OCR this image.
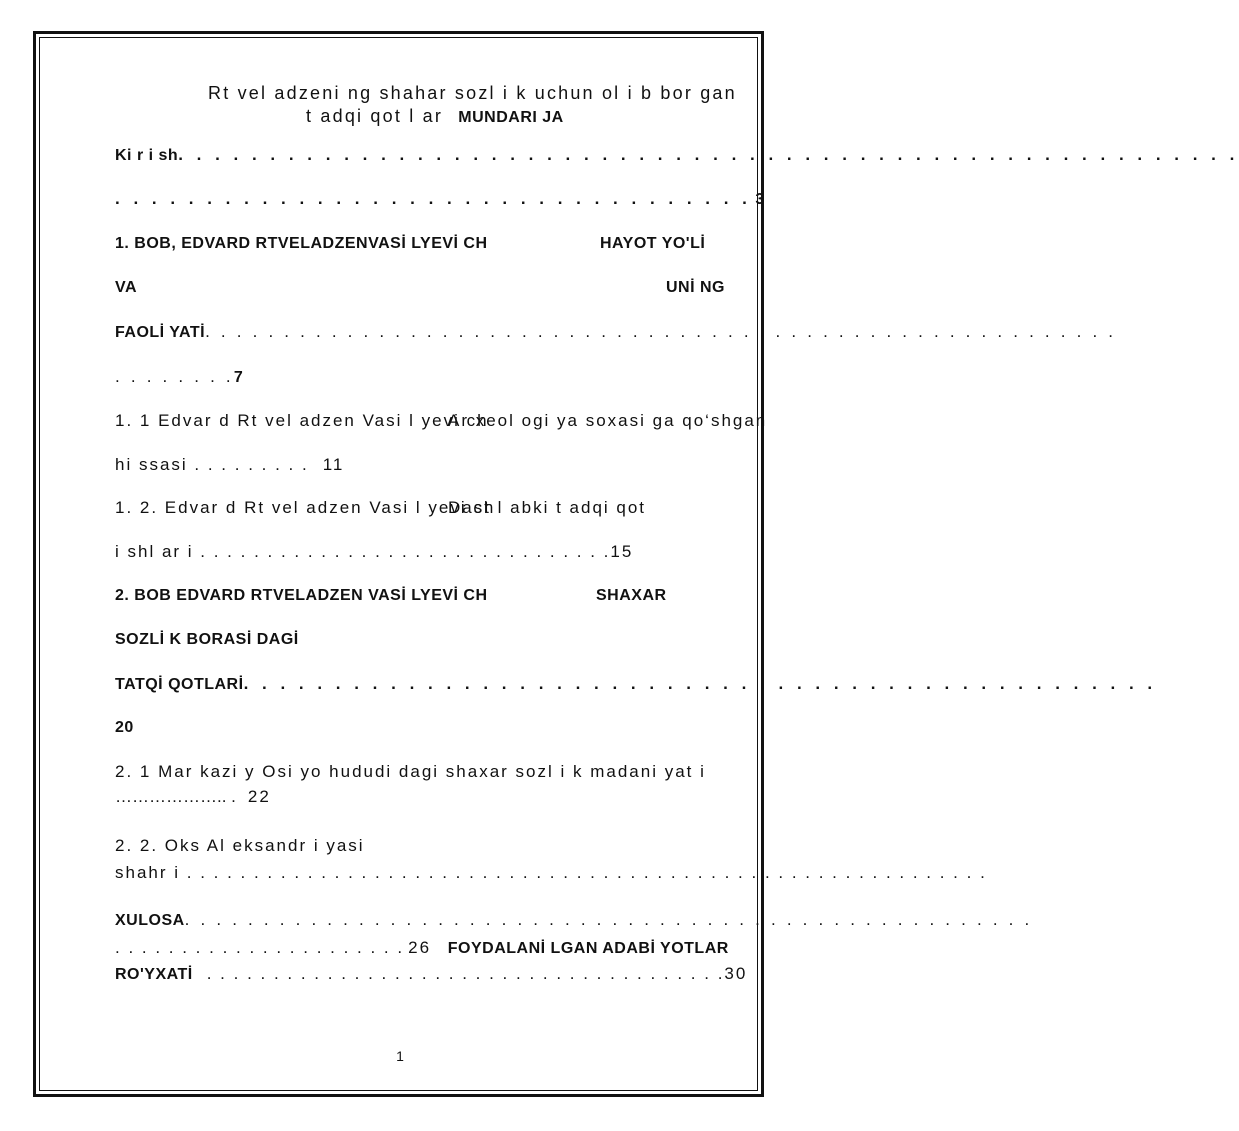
Rt vel adzeni ng shahar sozl i k uchun ol i b bor gan
t adqi qot l ar MUNDARI JA
Ki r i sh. . . . . . . . . . . . . . . . . . . . . . . . . . . . . . . . . . . . . . . . . . . . . . . . . . . . . . . . . .
. . . . . . . . . . . . . . . . . . . . . . . . . . . . . . . . . . . 3
1. BOB, EDVARD RTVELADZENVASİ LYEVİ CH	HAYOT YO'Lİ
VA	UNİ NG
FAOLİ YATİ. . . . . . . . . . . . . . . . . . . . . . . . . . . . . . . . . . . . . . . . . . . . . . . . . . . . . . . . . .
. . . . . . . .7
1. 1 Edvar d Rt vel adzen Vasi l yevi ch
Ar xeol ogi ya soxasi ga qo‘shgan
hi ssasi . . . . . . . . . 11
1. 2. Edvar d Rt vel adzen Vasi l yevi ch
Dast l abki t adqi qot
i shl ar i . . . . . . . . . . . . . . . . . . . . . . . . . . . . . . .15
2. BOB EDVARD RTVELADZEN VASİ LYEVİ CH	SHAXAR
SOZLİ K BORASİ DAGİ
TATQİ QOTLARİ. . . . . . . . . . . . . . . . . . . . . . . . . . . . . . . . . . . . . . . . . . . . . . . . . .
20
2. 1 Mar kazi y Osi yo hududi dagi shaxar sozl i k madani yat i
……………….. . 22
2. 2. Oks Al eksandr i yasi
shahr i . . . . . . . . . . . . . . . . . . . . . . . . . . . . . . . . . . . . . . . . . . . . . . . . . . . . . . . . . . . .
XULOSA. . . . . . . . . . . . . . . . . . . . . . . . . . . . . . . . . . . . . . . . . . . . . . . . . . . . . .
. . . . . . . . . . . . . . . . . . . . . . 26 FOYDALANİ LGAN ADABİ YOTLAR
RO'YXATİ . . . . . . . . . . . . . . . . . . . . . . . . . . . . . . . . . . . . . . .30
1
